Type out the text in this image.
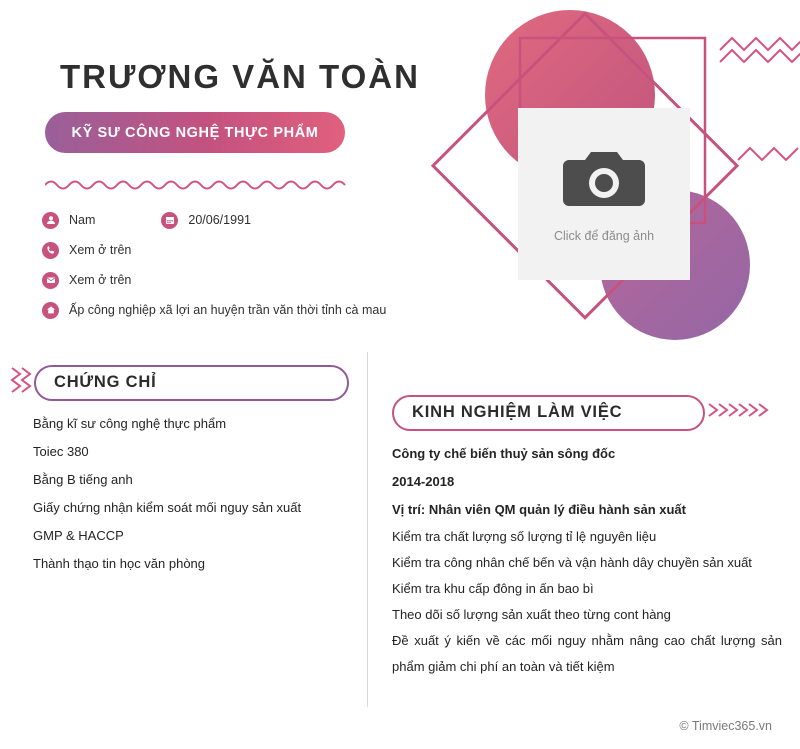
Click để đăng ảnh
TRƯƠNG VĂN TOÀN
KỸ SƯ CÔNG NGHỆ THỰC PHẨM
Nam	20/06/1991
Xem ở trên
Xem ở trên
Ấp công nghiệp xã lợi an huyện trần văn thời tỉnh cà mau
CHỨNG CHỈ
KINH NGHIỆM LÀM VIỆC
Bằng kĩ sư công nghệ thực phẩm
Toiec 380
Bằng B tiếng anh
Giấy chứng nhận kiểm soát mối nguy sản xuất
GMP & HACCP
Thành thạo tin học văn phòng
Công ty chế biến thuỷ sản sông đốc
2014-2018
Vị trí: Nhân viên QM quản lý điều hành sản xuất
Kiểm tra chất lượng số lượng tỉ lệ nguyên liệu
Kiểm tra công nhân chế bến và vận hành dây chuyền sản xuất
Kiểm tra khu cấp đông in ấn bao bì
Theo dõi số lượng sản xuất theo từng cont hàng
Đề xuất ý kiến về các mối nguy nhằm nâng cao chất lượng sản phẩm giảm chi phí an toàn và tiết kiệm
© Timviec365.vn
